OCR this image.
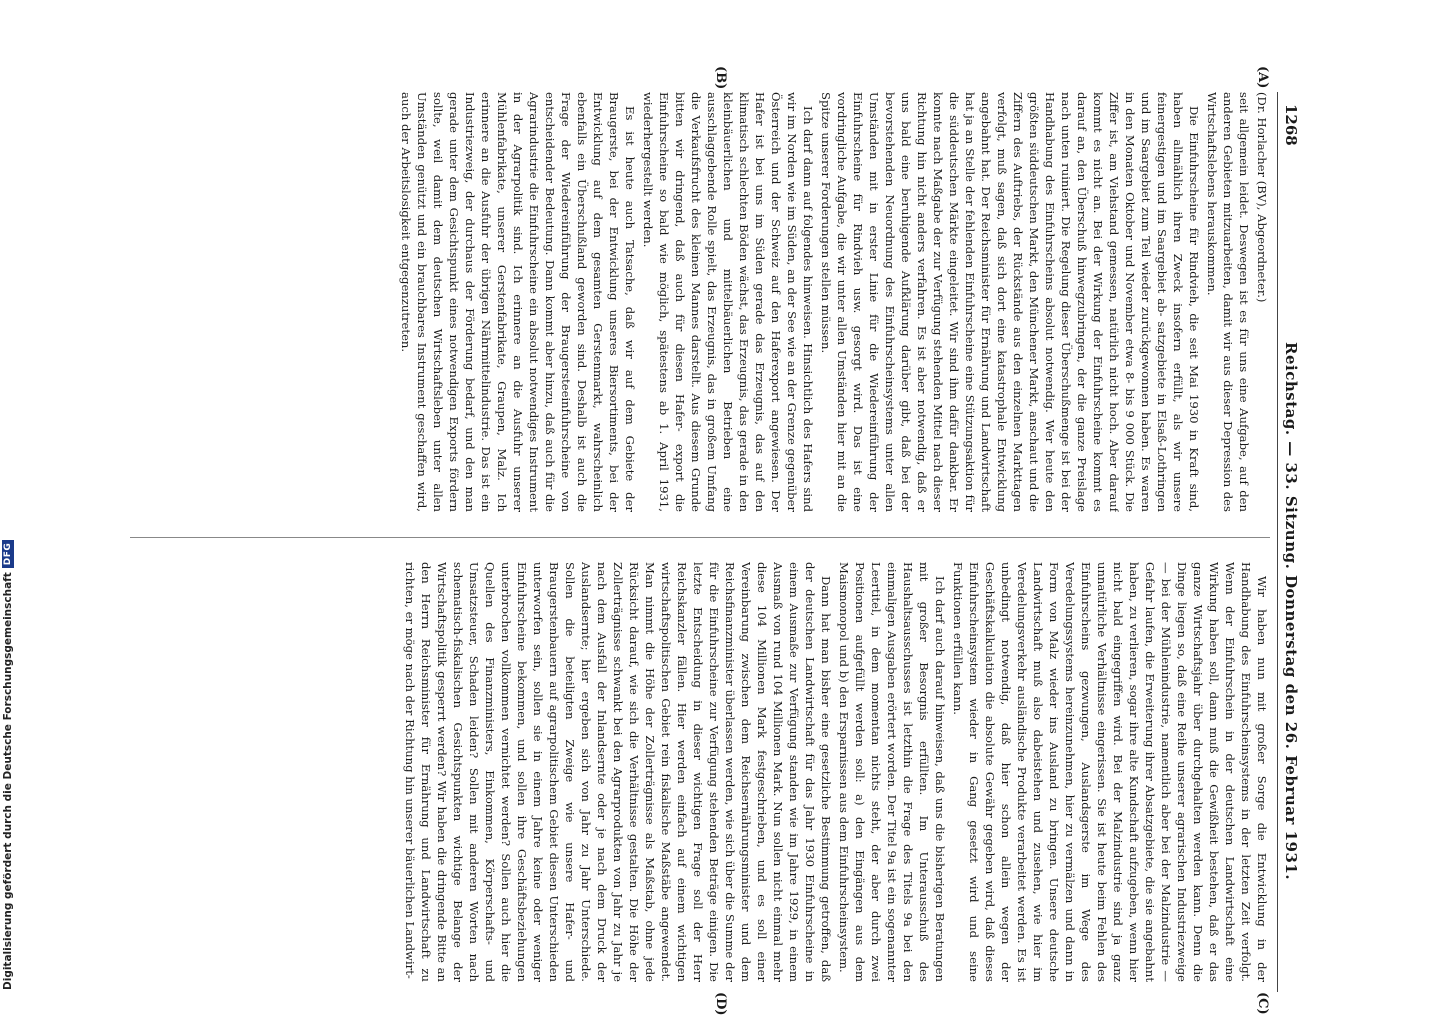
1268
Reichstag. — 33. Sitzung. Donnerstag den 26. Februar 1931.
(A)
(B)
(C)
(D)

(Dr. Horlacher (BV), Abgeordneter.)

seit allgemein leidet. Deswegen ist es für uns eine Aufgabe, auf den anderen Gebieten mitzuarbeiten, damit wir aus dieser Depression des Wirtschaftslebens herauskommen.

Die Einfuhrscheine für Rindvieh, die seit Mai 1930 in Kraft sind, haben allmählich ihren Zweck insofern erfüllt, als wir unsere feinergestigen und im Saargebiet ab- satzgebiete in Elsaß-Lothringen und im Saargebiet zum Teil wieder zurückgewonnen haben. Es waren in den Monaten Oktober und November etwa 8- bis 9 000 Stück. Die Ziffer ist, am Viehstand gemessen, natürlich nicht hoch. Aber darauf kommt es nicht an. Bei der Wirkung der Einfuhrscheine kommt es darauf an, den Überschuß hinwegzubringen, der die ganze Preislage nach unten ruiniert. Die Regelung dieser Überschußmenge ist bei der Handhabung des Einfuhrscheins absolut notwendig. Wer heute den größten süddeutschen Markt, den Münchener Markt, anschaut und die Ziffern des Auftriebs, der Rückstände aus den einzelnen Markttagen verfolgt, muß sagen, daß sich dort eine katastrophale Entwicklung angebahnt hat. Der Reichsminister für Ernährung und Landwirtschaft hat ja an Stelle der fehlenden Einfuhrscheine eine Stützungsaktion für die süddeutschen Märkte eingeleitet. Wir sind ihm dafür dankbar. Er konnte nach Maßgabe der zur Verfügung stehenden Mittel nach dieser Richtung hin nicht anders verfahren. Es ist aber notwendig, daß er uns bald eine beruhigende Aufklärung darüber gibt, daß bei der bevorstehenden Neuordnung des Einfuhrscheinsystems unter allen Umständen mit in erster Linie für die Wiedereinführung der Einfuhrscheine für Rindvieh usw. gesorgt wird. Das ist eine vordringliche Aufgabe, die wir unter allen Umständen hier mit an die Spitze unserer Forderungen stellen müssen.

Ich darf dann auf folgendes hinweisen. Hinsichtlich des Hafers sind wir im Norden wie im Süden, an der See wie an der Grenze gegenüber Österreich und der Schweiz auf den Haferexport angewiesen. Der Hafer ist bei uns im Süden gerade das Erzeugnis, das auf den klimatisch schlechten Böden wächst, das Erzeugnis, das gerade in den kleinbäuerlichen und mittelbäuerlichen Betrieben eine ausschlaggebende Rolle spielt, das Erzeugnis, das in großem Umfang die Verkaufsfrucht des kleinen Mannes darstellt. Aus diesem Grunde bitten wir dringend, daß auch für diesen Hafer- export die Einfuhrscheine so bald wie möglich, spätestens ab 1. April 1931, wiederhergestellt werden.

Es ist heute auch Tatsache, daß wir auf dem Gebiete der Braugerste, bei der Entwicklung unseres Biersortiments, bei der Entwicklung auf dem gesamten Gerstenmarkt, wahrscheinlich ebenfalls ein Überschußland geworden sind. Deshalb ist auch die Frage der Wiedereinführung der Braugersteeinfuhrscheine von entscheidender Bedeutung. Dann kommt aber hinzu, daß auch für die Agrarindustrie die Einfuhrscheine ein absolut notwendiges Instrument in der Agrarpolitik sind. Ich erinnere an die Ausfuhr unserer Mühlenfabrikate, unserer Gerstenfabrikate, Graupen, Malz. Ich erinnere an die Ausfuhr der übrigen Nährmittelindustrie. Das ist ein Industriezweig, der durchaus der Förderung bedarf, und den man gerade unter dem Gesichtspunkt eines notwendigen Exports fördern sollte, weil damit dem deutschen Wirtschaftsleben unter allen Umständen genützt und ein brauchbares Instrument geschaffen wird, auch der Arbeitslosigkeit entgegenzutreten.

Wir haben nun mit großer Sorge die Entwicklung in der Handhabung des Einfuhrscheinsystems in der letzten Zeit verfolgt. Wenn der Einfuhrschein in der deutschen Landwirtschaft eine Wirkung haben soll, dann muß die Gewißheit bestehen, daß er das ganze Wirtschaftsjahr über durchgehalten werden kann. Denn die Dinge liegen so, daß eine Reihe unserer agrarischen Industriezweige — bei der Mühlenindustrie, namentlich aber bei der Malzindustrie — Gefahr laufen, die Erweiterung ihrer Absatzgebiete, die sie angebahnt haben, zu verlieren, sogar ihre alte Kundschaft aufzugeben, wenn hier nicht bald eingegriffen wird. Bei der Malzindustrie sind ja ganz unnatürliche Verhältnisse eingerissen. Sie ist heute beim Fehlen des Einfuhrscheins gezwungen, Auslandsgerste im Wege des Veredelungssystems hereinzunehmen, hier zu vermälzen und dann in Form von Malz wieder ins Ausland zu bringen. Unsere deutsche Landwirtschaft muß also dabeistehen und zusehen, wie hier im Veredelungsverkehr ausländische Produkte verarbeitet werden. Es ist unbedingt notwendig, daß hier schon allein wegen der Geschäftskalkulation die absolute Gewähr gegeben wird, daß dieses Einfuhrscheinsystem wieder in Gang gesetzt wird und seine Funktionen erfüllen kann.

Ich darf auch darauf hinweisen, daß uns die bisherigen Beratungen mit großer Besorgnis erfüllten. Im Unterausschuß des Haushaltsausschusses ist letzthin die Frage des Titels 9a bei den einmaligen Ausgaben erörtert worden. Der Titel 9a ist ein sogenannter Leertitel, in dem momentan nichts steht, der aber durch zwei Positionen aufgefüllt werden soll: a) den Eingängen aus dem Maismonopol und b) den Ersparnissen aus dem Einfuhrscheinsystem.

Dann hat man bisher eine gesetzliche Bestimmung getroffen, daß der deutschen Landwirtschaft für das Jahr 1930 Einfuhrscheine in einem Ausmaße zur Verfügung standen wie im Jahre 1929, in einem Ausmaß von rund 104 Millionen Mark. Nun sollen nicht einmal mehr diese 104 Millionen Mark festgeschrieben, und es soll einer Vereinbarung zwischen dem Reichsernährungsminister und dem Reichsfinanzminister überlassen werden, wie sich über die Summe der für die Einfuhrscheine zur Verfügung stehenden Beträge einigen. Die letzte Entscheidung in dieser wichtigen Frage soll der Herr Reichskanzler fällen. Hier werden einfach auf einem wichtigen wirtschaftspolitischen Gebiet rein fiskalische Maßstäbe angewendet. Man nimmt die Höhe der Zollerträgnisse als Maßstab, ohne jede Rücksicht darauf, wie sich die Verhältnisse gestalten. Die Höhe der Zollerträgnisse schwankt bei den Agrarprodukten von Jahr zu Jahr je nach dem Ausfall der Inlandsernte oder je nach dem Druck der Auslandsernte; hier ergeben sich von Jahr zu Jahr Unterschiede. Sollen die beteiligten Zweige wie unsere Hafer- und Braugerstenbauern auf agrarpolitischem Gebiet diesen Unterschieden unterworfen sein, sollen sie in einem Jahre keine oder weniger Einfuhrscheine bekommen, und sollen ihre Geschäftsbeziehungen unterbrochen vollkommen vernichtet werden? Sollen auch hier die Quellen des Finanzministers, Einkommen, Körperschafts- und Umsatzsteuer, Schaden leiden? Sollen mit anderen Worten nach schematisch-fiskalischen Gesichtspunkten wichtige Belange der Wirtschaftspolitik gesperrt werden? Wir haben die dringende Bitte an den Herrn Reichsminister für Ernährung und Landwirtschaft zu richten, er möge nach der Richtung hin unserer bäuerlichen Landwirt-

Digitalisierung gefördert durch die Deutsche Forschungsgemeinschaft
DFG
